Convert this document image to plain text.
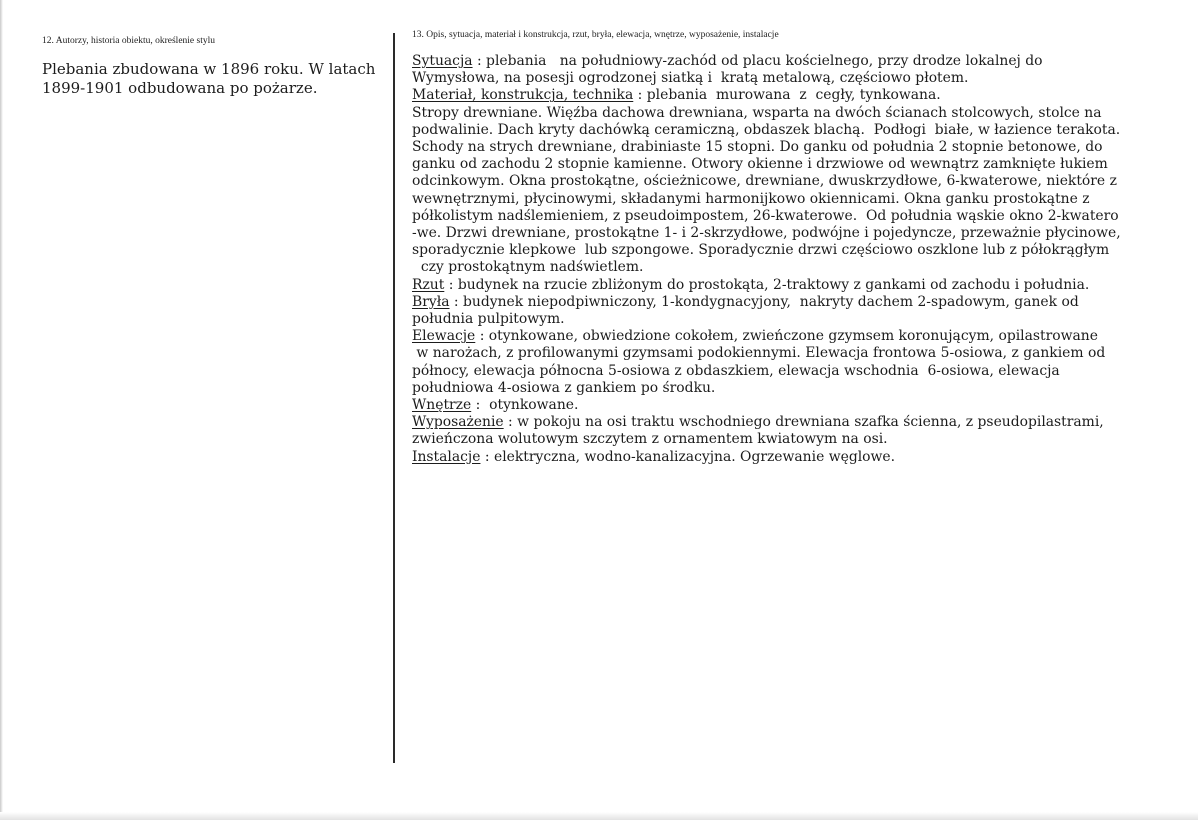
12. Autorzy, historia obiektu, określenie stylu

Plebania zbudowana w 1896 roku. W latach
1899-1901 odbudowana po pożarze.

13. Opis, sytuacja, materiał i konstrukcja, rzut, bryła, elewacja, wnętrze, wyposażenie, instalacje

Sytuacja : plebania   na południowy-zachód od placu kościelnego, przy drodze lokalnej do
Wymysłowa, na posesji ogrodzonej siatką i  kratą metalową, częściowo płotem.
Materiał, konstrukcja, technika : plebania  murowana  z  cegły, tynkowana.
Stropy drewniane. Więźba dachowa drewniana, wsparta na dwóch ścianach stolcowych, stolce na
podwalinie. Dach kryty dachówką ceramiczną, obdaszek blachą.  Podłogi  białe, w łazience terakota.
Schody na strych drewniane, drabiniaste 15 stopni. Do ganku od południa 2 stopnie betonowe, do
ganku od zachodu 2 stopnie kamienne. Otwory okienne i drzwiowe od wewnątrz zamknięte łukiem
odcinkowym. Okna prostokątne, ościeżnicowe, drewniane, dwuskrzydłowe, 6-kwaterowe, niektóre z
wewnętrznymi, płycinowymi, składanymi harmonijkowo okiennicami. Okna ganku prostokątne z
półkolistym nadślemieniem, z pseudoimpostem, 26-kwaterowe.  Od południa wąskie okno 2-kwatero
-we. Drzwi drewniane, prostokątne 1- i 2-skrzydłowe, podwójne i pojedyncze, przeważnie płycinowe,
sporadycznie klepkowe  lub szpongowe. Sporadycznie drzwi częściowo oszklone lub z półokrągłym
czy prostokątnym nadświetlem.
Rzut : budynek na rzucie zbliżonym do prostokąta, 2-traktowy z gankami od zachodu i południa.
Bryła : budynek niepodpiwniczony, 1-kondygnacyjony,  nakryty dachem 2-spadowym, ganek od
południa pulpitowym.
Elewacje : otynkowane, obwiedzione cokołem, zwieńczone gzymsem koronującym, opilastrowane
w narożach, z profilowanymi gzymsami podokiennymi. Elewacja frontowa 5-osiowa, z gankiem od
północy, elewacja północna 5-osiowa z obdaszkiem, elewacja wschodnia  6-osiowa, elewacja
południowa 4-osiowa z gankiem po środku.
Wnętrze :  otynkowane.
Wyposażenie : w pokoju na osi traktu wschodniego drewniana szafka ścienna, z pseudopilastrami,
zwieńczona wolutowym szczytem z ornamentem kwiatowym na osi.
Instalacje : elektryczna, wodno-kanalizacyjna. Ogrzewanie węglowe.
